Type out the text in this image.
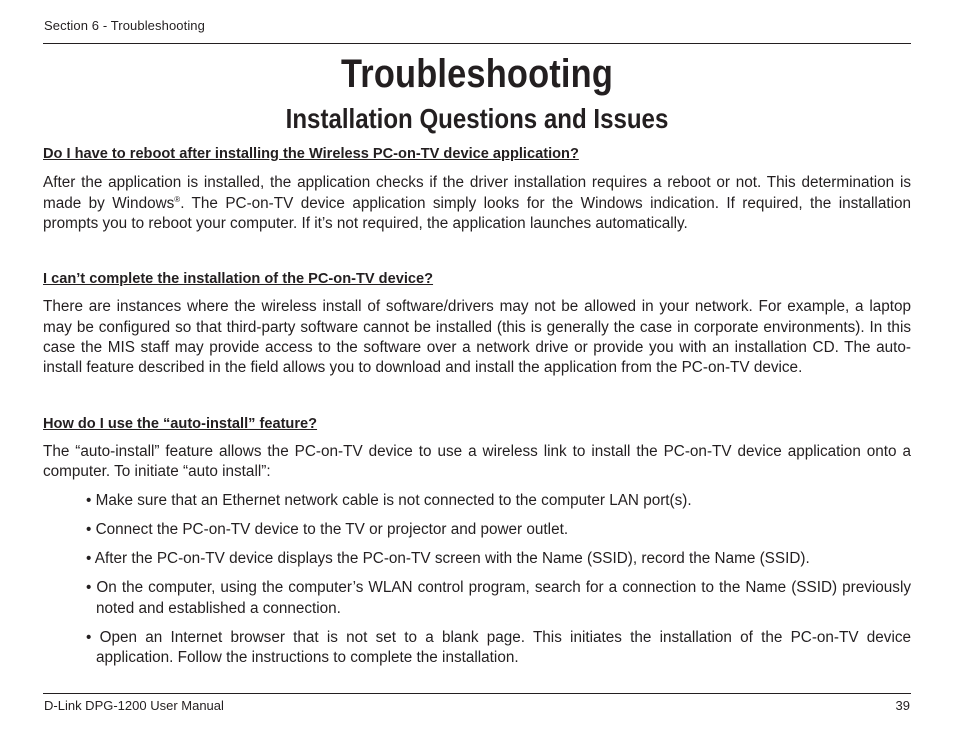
Section 6 - Troubleshooting
Troubleshooting
Installation Questions and Issues

Do I have to reboot after installing the Wireless PC-on-TV device application?

After the application is installed, the application checks if the driver installation requires a reboot or not. This determination is made by Windows®. The PC-on-TV device application simply looks for the Windows indication. If required, the installation prompts you to reboot your computer. If it’s not required, the application launches automatically.

I can’t complete the installation of the PC-on-TV device?

There are instances where the wireless install of software/drivers may not be allowed in your network. For example, a laptop may be configured so that third-party software cannot be installed (this is generally the case in corporate environments). In this case the MIS staff may provide access to the software over a network drive or provide you with an installation CD. The auto-install feature described in the field allows you to download and install the application from the PC-on-TV device.

How do I use the “auto-install” feature?

The “auto-install” feature allows the PC-on-TV device to use a wireless link to install the PC-on-TV device application onto a computer. To initiate “auto install”:

• Make sure that an Ethernet network cable is not connected to the computer LAN port(s).
• Connect the PC-on-TV device to the TV or projector and power outlet.
• After the PC-on-TV device displays the PC-on-TV screen with the Name (SSID), record the Name (SSID).
• On the computer, using the computer’s WLAN control program, search for a connection to the Name (SSID) previously noted and established a connection.
• Open an Internet browser that is not set to a blank page. This initiates the installation of the PC-on-TV device application. Follow the instructions to complete the installation.
D-Link DPG-1200 User Manual	39
